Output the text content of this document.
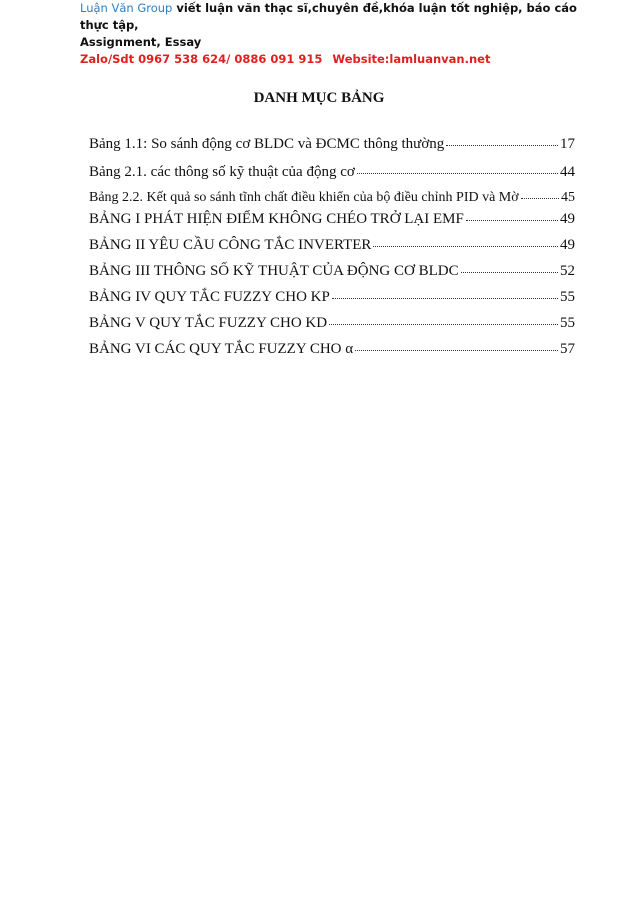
Luận Văn Group viết luận văn thạc sĩ,chuyên đề,khóa luận tốt nghiệp, báo cáo thực tập,
Assignment, Essay
Zalo/Sdt 0967 538 624/ 0886 091 915 Website:lamluanvan.net
DANH MỤC BẢNG
Bảng 1.1: So sánh động cơ BLDC và ĐCMC thông thường	17
Bảng 2.1. các thông số kỹ thuật của động cơ	44
Bảng 2.2. Kết quả so sánh tĩnh chất điều khiển của bộ điều chỉnh PID và Mờ	45
BẢNG I PHÁT HIỆN ĐIỂM KHÔNG CHÉO TRỞ LẠI EMF	49
BẢNG II YÊU CẦU CÔNG TẮC INVERTER	49
BẢNG III THÔNG SỐ KỸ THUẬT CỦA ĐỘNG CƠ BLDC	52
BẢNG IV QUY TẮC FUZZY CHO KP	55
BẢNG V QUY TẮC FUZZY CHO KD	55
BẢNG VI CÁC QUY TẮC FUZZY CHO α	57
